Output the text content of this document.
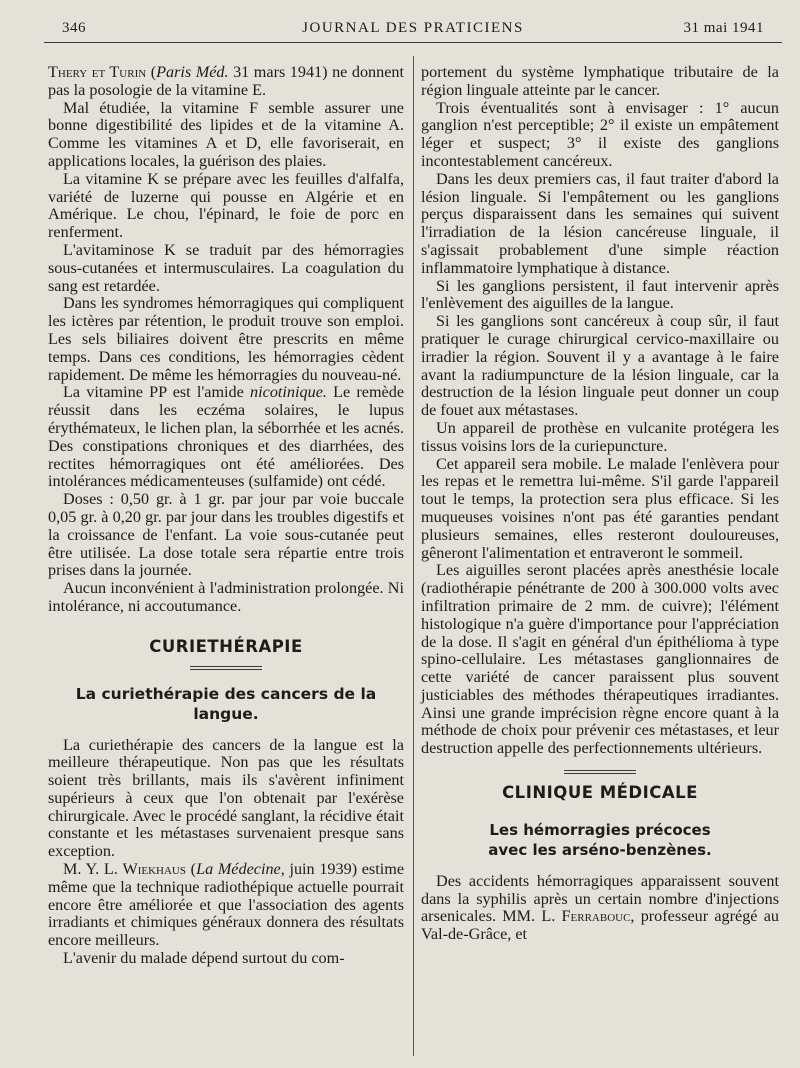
346	JOURNAL DES PRATICIENS	31 mai 1941

Thery et Turin (Paris Méd. 31 mars 1941) ne donnent pas la posologie de la vitamine E.

Mal étudiée, la vitamine F semble assurer une bonne digestibilité des lipides et de la vitamine A. Comme les vitamines A et D, elle favoriserait, en applications locales, la guérison des plaies.

La vitamine K se prépare avec les feuilles d'alfalfa, variété de luzerne qui pousse en Algérie et en Amérique. Le chou, l'épinard, le foie de porc en renferment.

L'avitaminose K se traduit par des hémorragies sous-cutanées et intermusculaires. La coagulation du sang est retardée.

Dans les syndromes hémorragiques qui compliquent les ictères par rétention, le produit trouve son emploi. Les sels biliaires doivent être prescrits en même temps. Dans ces conditions, les hémorragies cèdent rapidement. De même les hémorragies du nouveau-né.

La vitamine PP est l'amide nicotinique. Le remède réussit dans les eczéma solaires, le lupus érythémateux, le lichen plan, la séborrhée et les acnés. Des constipations chroniques et des diarrhées, des rectites hémorragiques ont été améliorées. Des intolérances médicamenteuses (sulfamide) ont cédé.

Doses : 0,50 gr. à 1 gr. par jour par voie buccale 0,05 gr. à 0,20 gr. par jour dans les troubles digestifs et la croissance de l'enfant. La voie sous-cutanée peut être utilisée. La dose totale sera répartie entre trois prises dans la journée.

Aucun inconvénient à l'administration prolongée. Ni intolérance, ni accoutumance.

CURIETHÉRAPIE
La curiethérapie des cancers de la langue.

La curiethérapie des cancers de la langue est la meilleure thérapeutique. Non pas que les résultats soient très brillants, mais ils s'avèrent infiniment supérieurs à ceux que l'on obtenait par l'exérèse chirurgicale. Avec le procédé sanglant, la récidive était constante et les métastases survenaient presque sans exception.

M. Y. L. Wiekhaus (La Médecine, juin 1939) estime même que la technique radiothépique actuelle pourrait encore être améliorée et que l'association des agents irradiants et chimiques généraux donnera des résultats encore meilleurs.

L'avenir du malade dépend surtout du com-

portement du système lymphatique tributaire de la région linguale atteinte par le cancer.

Trois éventualités sont à envisager : 1° aucun ganglion n'est perceptible; 2° il existe un empâtement léger et suspect; 3° il existe des ganglions incontestablement cancéreux.

Dans les deux premiers cas, il faut traiter d'abord la lésion linguale. Si l'empâtement ou les ganglions perçus disparaissent dans les semaines qui suivent l'irradiation de la lésion cancéreuse linguale, il s'agissait probablement d'une simple réaction inflammatoire lymphatique à distance.

Si les ganglions persistent, il faut intervenir après l'enlèvement des aiguilles de la langue.

Si les ganglions sont cancéreux à coup sûr, il faut pratiquer le curage chirurgical cervico-maxillaire ou irradier la région. Souvent il y a avantage à le faire avant la radiumpuncture de la lésion linguale, car la destruction de la lésion linguale peut donner un coup de fouet aux métastases.

Un appareil de prothèse en vulcanite protégera les tissus voisins lors de la curiepuncture.

Cet appareil sera mobile. Le malade l'enlèvera pour les repas et le remettra lui-même. S'il garde l'appareil tout le temps, la protection sera plus efficace. Si les muqueuses voisines n'ont pas été garanties pendant plusieurs semaines, elles resteront douloureuses, gêneront l'alimentation et entraveront le sommeil.

Les aiguilles seront placées après anesthésie locale (radiothérapie pénétrante de 200 à 300.000 volts avec infiltration primaire de 2 mm. de cuivre); l'élément histologique n'a guère d'importance pour l'appréciation de la dose. Il s'agit en général d'un épithélioma à type spino-cellulaire. Les métastases ganglionnaires de cette variété de cancer paraissent plus souvent justiciables des méthodes thérapeutiques irradiantes. Ainsi une grande imprécision règne encore quant à la méthode de choix pour prévenir ces métastases, et leur destruction appelle des perfectionnements ultérieurs.

CLINIQUE MÉDICALE
Les hémorragies précoces
avec les arséno-benzènes.

Des accidents hémorragiques apparaissent souvent dans la syphilis après un certain nombre d'injections arsenicales. MM. L. Ferrabouc, professeur agrégé au Val-de-Grâce, et
